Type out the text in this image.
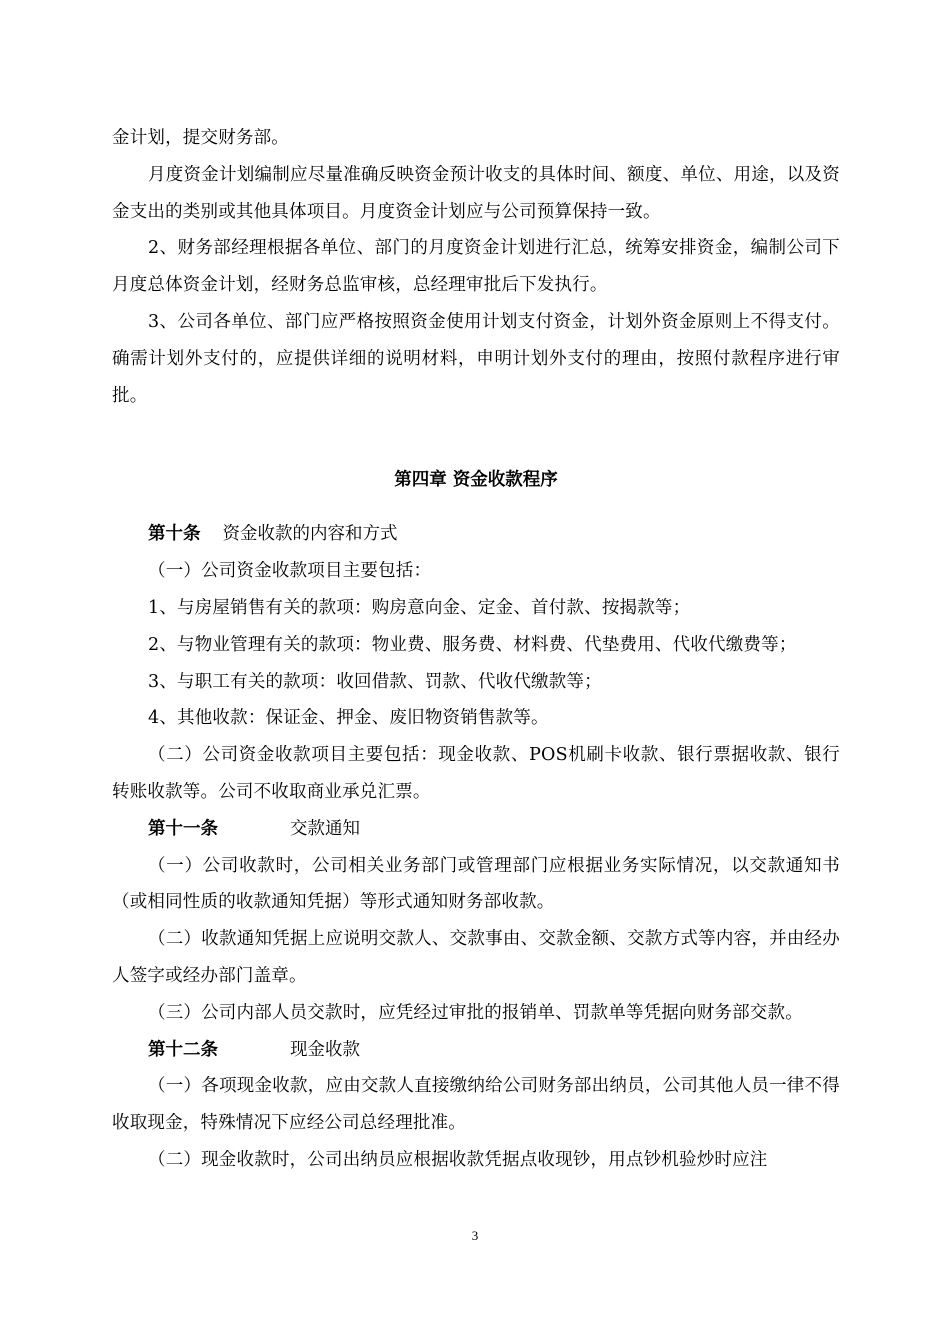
金计划，提交财务部。

月度资金计划编制应尽量准确反映资金预计收支的具体时间、额度、单位、用途，以及资金支出的类别或其他具体项目。月度资金计划应与公司预算保持一致。

2、财务部经理根据各单位、部门的月度资金计划进行汇总，统筹安排资金，编制公司下月度总体资金计划，经财务总监审核，总经理审批后下发执行。

3、公司各单位、部门应严格按照资金使用计划支付资金，计划外资金原则上不得支付。确需计划外支付的，应提供详细的说明材料，申明计划外支付的理由，按照付款程序进行审批。

第四章 资金收款程序

第十条 资金收款的内容和方式

（一）公司资金收款项目主要包括：

1、与房屋销售有关的款项：购房意向金、定金、首付款、按揭款等；

2、与物业管理有关的款项：物业费、服务费、材料费、代垫费用、代收代缴费等；

3、与职工有关的款项：收回借款、罚款、代收代缴款等；

4、其他收款：保证金、押金、废旧物资销售款等。

（二）公司资金收款项目主要包括：现金收款、POS机刷卡收款、银行票据收款、银行转账收款等。公司不收取商业承兑汇票。

第十一条	交款通知

（一）公司收款时，公司相关业务部门或管理部门应根据业务实际情况，以交款通知书（或相同性质的收款通知凭据）等形式通知财务部收款。

（二）收款通知凭据上应说明交款人、交款事由、交款金额、交款方式等内容，并由经办人签字或经办部门盖章。

（三）公司内部人员交款时，应凭经过审批的报销单、罚款单等凭据向财务部交款。

第十二条	现金收款

（一）各项现金收款，应由交款人直接缴纳给公司财务部出纳员，公司其他人员一律不得收取现金，特殊情况下应经公司总经理批准。

（二）现金收款时，公司出纳员应根据收款凭据点收现钞，用点钞机验炒时应注

3
